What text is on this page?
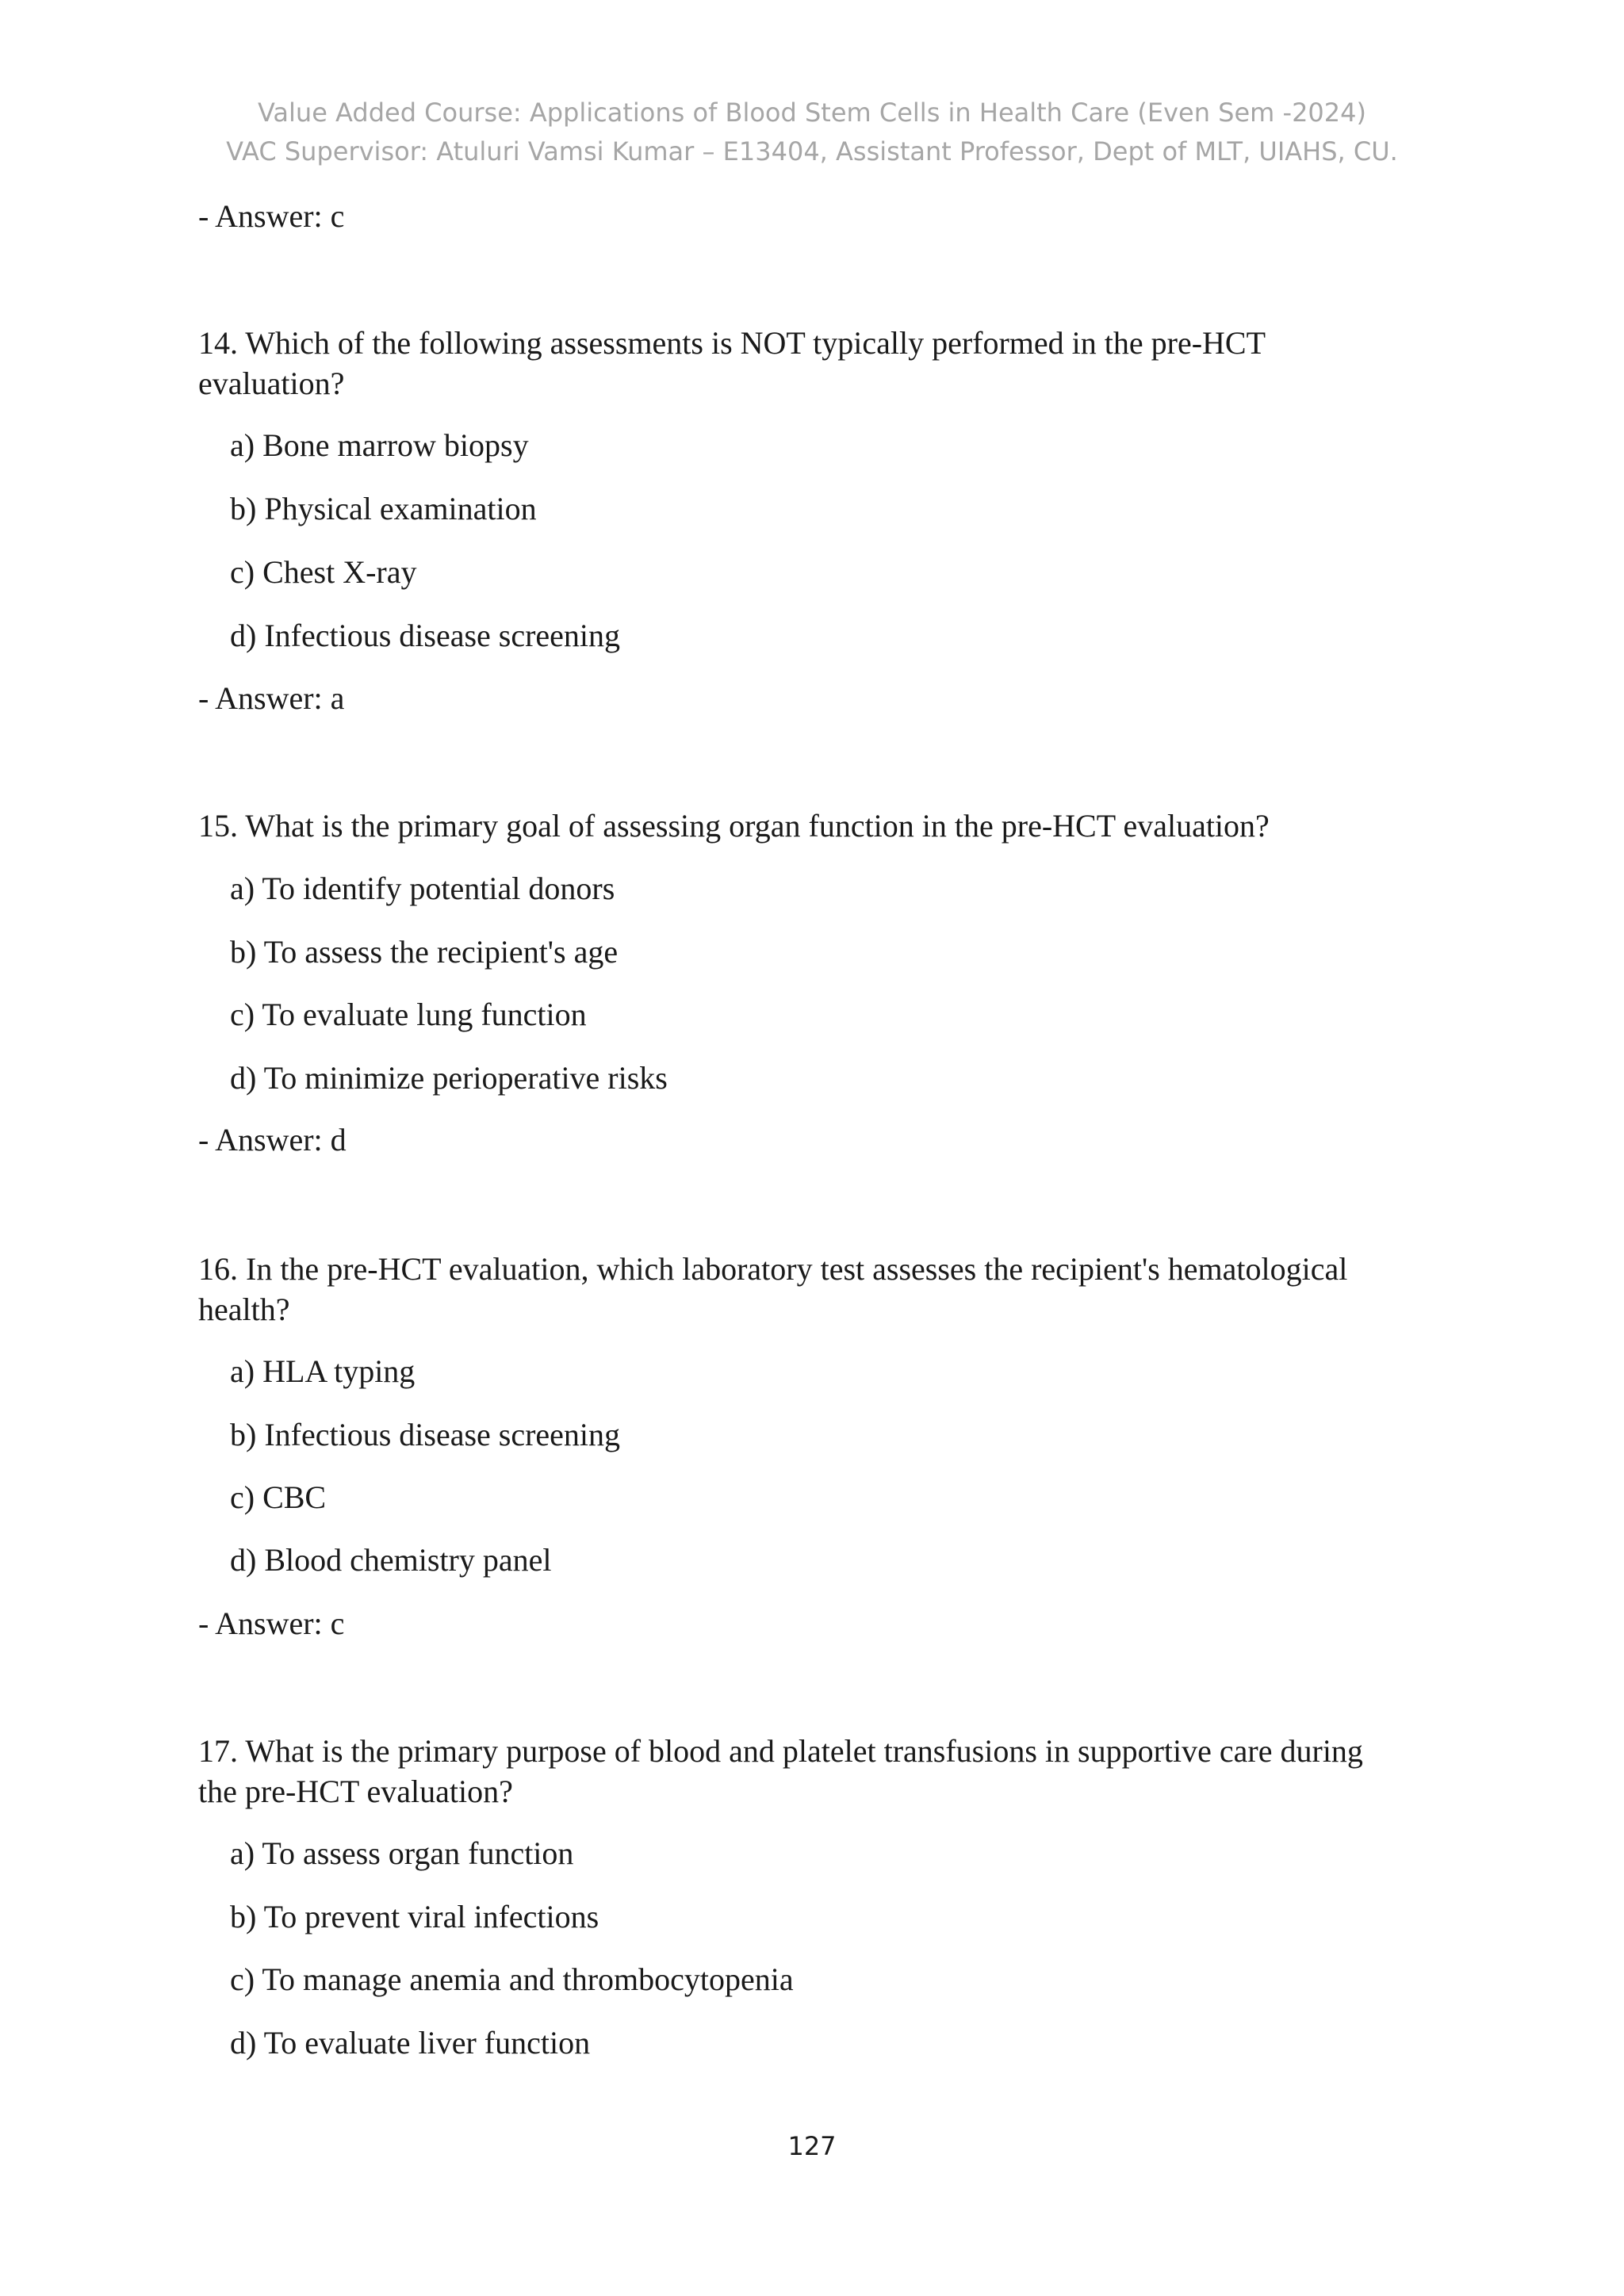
Value Added Course: Applications of Blood Stem Cells in Health Care (Even Sem -2024)
VAC Supervisor: Atuluri Vamsi Kumar – E13404, Assistant Professor, Dept of MLT, UIAHS, CU.
- Answer: c
14. Which of the following assessments is NOT typically performed in the pre-HCT
evaluation?
a) Bone marrow biopsy
b) Physical examination
c) Chest X-ray
d) Infectious disease screening
- Answer: a
15. What is the primary goal of assessing organ function in the pre-HCT evaluation?
a) To identify potential donors
b) To assess the recipient's age
c) To evaluate lung function
d) To minimize perioperative risks
- Answer: d
16. In the pre-HCT evaluation, which laboratory test assesses the recipient's hematological
health?
a) HLA typing
b) Infectious disease screening
c) CBC
d) Blood chemistry panel
- Answer: c
17. What is the primary purpose of blood and platelet transfusions in supportive care during
the pre-HCT evaluation?
a) To assess organ function
b) To prevent viral infections
c) To manage anemia and thrombocytopenia
d) To evaluate liver function
127
